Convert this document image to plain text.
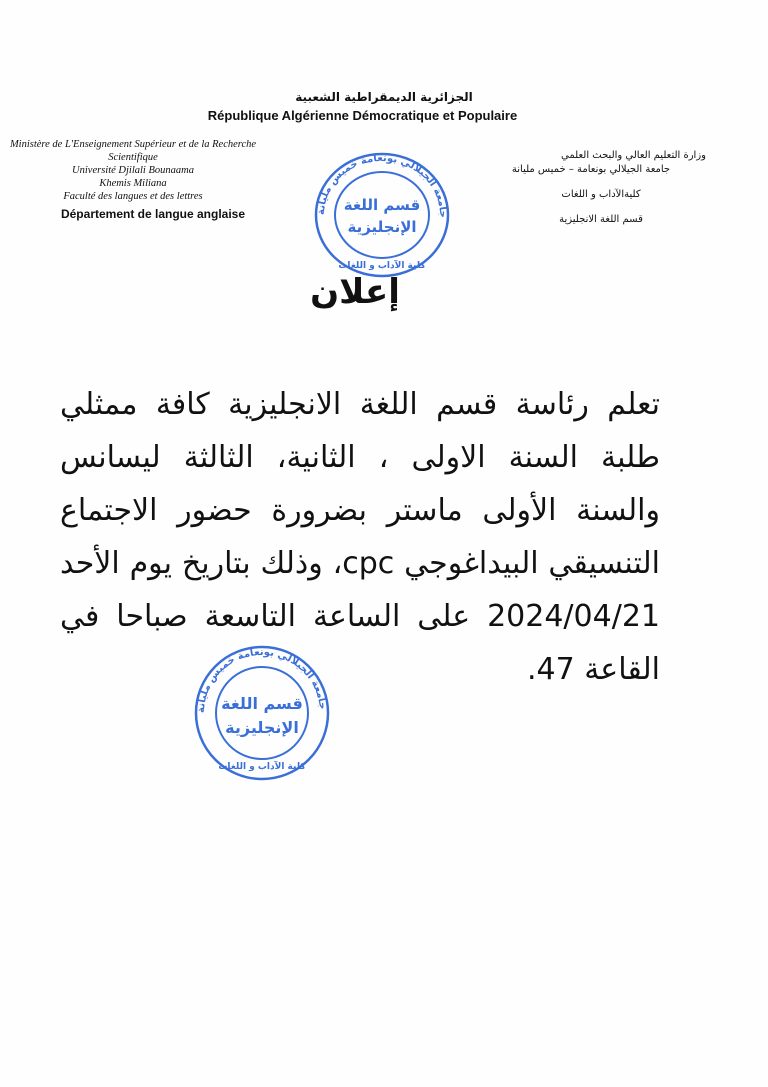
الجزائرية الديمقراطية الشعبية
République Algérienne Démocratique et Populaire
Ministère de L'Enseignement Supérieur et de la Recherche Scientifique
Université Djilali Bounaama
Khemis Miliana
Faculté des langues et des lettres
Département de langue anglaise
وزارة التعليم العالي والبحث العلمي
جامعة الجيلالي بونعامة – خميس مليانة
كليةالآداب و اللغات
قسم اللغة الانجليزية
جامعة الجيلالي بونعامة خميس مليانة
قسم اللغة
الإنجليزية
كلية الآداب و اللغات
إعلان
تعلم رئاسة قسم اللغة الانجليزية كافة ممثلي طلبة السنة الاولى ، الثانية، الثالثة ليسانس والسنة الأولى ماستر بضرورة حضور الاجتماع التنسيقي البيداغوجي cpc، وذلك بتاريخ يوم الأحد 2024/04/21 على الساعة التاسعة صباحا في القاعة 47.
جامعة الجيلالي بونعامة خميس مليانة
قسم اللغة
الإنجليزية
كلية الآداب و اللغات
